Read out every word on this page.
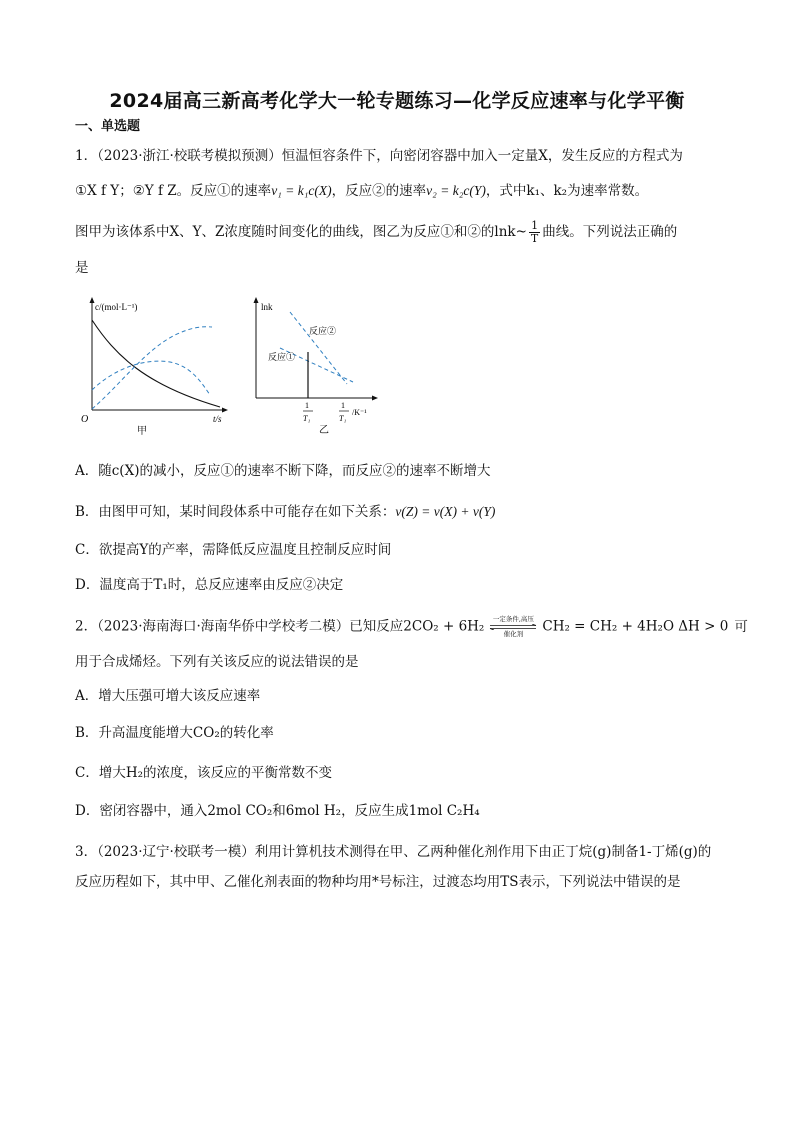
2024届高三新高考化学大一轮专题练习—化学反应速率与化学平衡
一、单选题
1．（2023·浙江·校联考模拟预测）恒温恒容条件下，向密闭容器中加入一定量X，发生反应的方程式为
①X f Y；②Y f Z。反应①的速率v₁ = k₁c(X)，反应②的速率v₂ = k₂c(Y)，式中k₁、k₂为速率常数。
图甲为该体系中X、Y、Z浓度随时间变化的曲线，图乙为反应①和②的lnk~ $\frac{1}{T}$ 曲线。下列说法正确的
是
c/(mol·L⁻¹)
t/s
O
甲
lnk
反应②
反应①
1
T₁
1
T₁
/K⁻¹
乙
A．随c(X)的减小，反应①的速率不断下降，而反应②的速率不断增大
B．由图甲可知，某时间段体系中可能存在如下关系：v(Z) = v(X) + v(Y)
C．欲提高Y的产率，需降低反应温度且控制反应时间
D．温度高于T₁时，总反应速率由反应②决定
2．（2023·海南海口·海南华侨中学校考二模）已知反应2CO₂ + 6H₂	一定条件,高压
催化剂	CH₂ = CH₂ + 4H₂O ΔH > 0 可
用于合成烯烃。下列有关该反应的说法错误的是
A．增大压强可增大该反应速率
B．升高温度能增大CO₂的转化率
C．增大H₂的浓度，该反应的平衡常数不变
D．密闭容器中，通入2mol CO₂和6mol H₂，反应生成1mol C₂H₄
3．（2023·辽宁·校联考一模）利用计算机技术测得在甲、乙两种催化剂作用下由正丁烷(g)制备1-丁烯(g)的
反应历程如下，其中甲、乙催化剂表面的物种均用*号标注，过渡态均用TS表示，下列说法中错误的是
